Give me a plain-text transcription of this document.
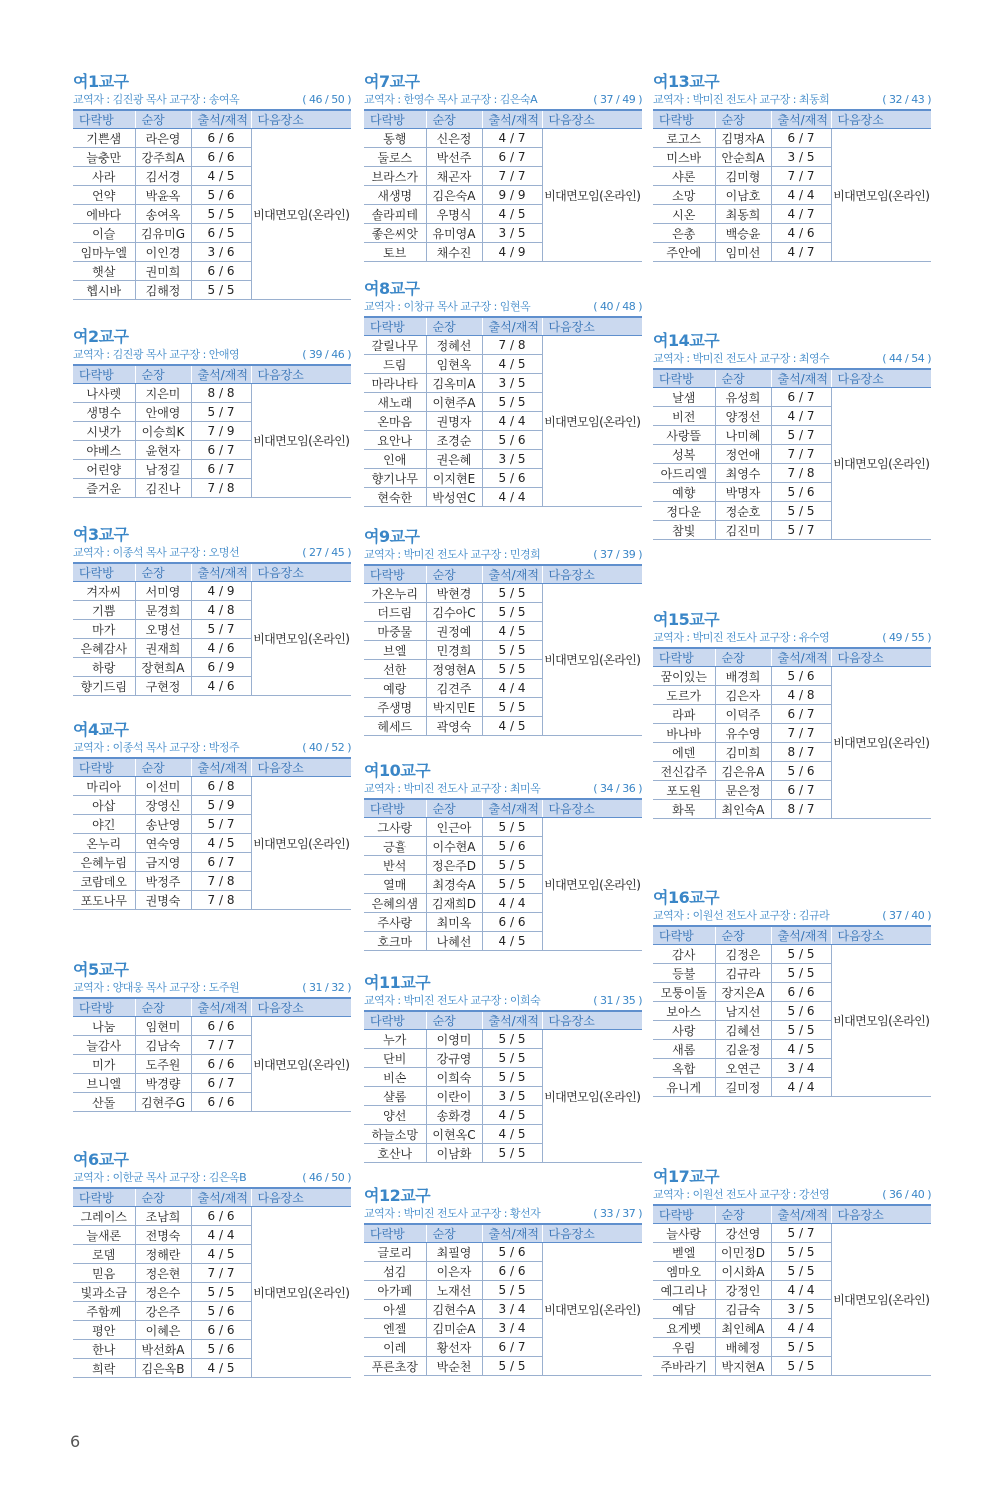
여1교구
교역자 : 김진광 목사 교구장 : 송여옥	( 46 / 50 )
다락방	순장	출석/재적	다음장소
기쁜샘	라은영	6 / 6	비대면모임(온라인)
늘충만	강주희A	6 / 6	
사라	김서경	4 / 5	
언약	박윤옥	5 / 6	
에바다	송여옥	5 / 5	
이슬	김유미G	6 / 5	
임마누엘	이인경	3 / 6	
햇살	권미희	6 / 6	
헵시바	김해정	5 / 5	
여2교구
교역자 : 김진광 목사 교구장 : 안애영	( 39 / 46 )
다락방	순장	출석/재적	다음장소
나사렛	지은미	8 / 8	비대면모임(온라인)
생명수	안애영	5 / 7	
시냇가	이승희K	7 / 9	
야베스	윤현자	6 / 7	
어린양	남정길	6 / 7	
즐거운	김진나	7 / 8	
여3교구
교역자 : 이종석 목사 교구장 : 오명선	( 27 / 45 )
다락방	순장	출석/재적	다음장소
겨자씨	서미영	4 / 9	비대면모임(온라인)
기쁨	문경희	4 / 8	
마가	오명선	5 / 7	
은혜감사	권재희	4 / 6	
하랑	장현희A	6 / 9	
향기드림	구현정	4 / 6	
여4교구
교역자 : 이종석 목사 교구장 : 박정주	( 40 / 52 )
다락방	순장	출석/재적	다음장소
마리아	이선미	6 / 8	비대면모임(온라인)
아삽	장영신	5 / 9	
야긴	송난영	5 / 7	
온누리	연숙영	4 / 5	
은혜누림	금지영	6 / 7	
코람데오	박정주	7 / 8	
포도나무	권명숙	7 / 8	
여5교구
교역자 : 양대웅 목사 교구장 : 도주원	( 31 / 32 )
다락방	순장	출석/재적	다음장소
나눔	임현미	6 / 6	비대면모임(온라인)
늘감사	김남숙	7 / 7	
미가	도주원	6 / 6	
브니엘	박경량	6 / 7	
산돌	김현주G	6 / 6	
여6교구
교역자 : 이한균 목사 교구장 : 김은옥B	( 46 / 50 )
다락방	순장	출석/재적	다음장소
그레이스	조남희	6 / 6	비대면모임(온라인)
늘새론	전명숙	4 / 4	
로뎀	정해란	4 / 5	
믿음	정은현	7 / 7	
빛과소금	정은수	5 / 5	
주함께	강은주	5 / 6	
평안	이혜은	6 / 6	
한나	박선화A	5 / 6	
희락	김은옥B	4 / 5	
여7교구
교역자 : 한영수 목사 교구장 : 김은숙A	( 37 / 49 )
다락방	순장	출석/재적	다음장소
동행	신은정	4 / 7	비대면모임(온라인)
둘로스	박선주	6 / 7	
브라스가	채곤자	7 / 7	
새생명	김은숙A	9 / 9	
솔라피테	우명식	4 / 5	
좋은씨앗	유미영A	3 / 5	
토브	채수진	4 / 9	
여8교구
교역자 : 이창규 목사 교구장 : 임현옥	( 40 / 48 )
다락방	순장	출석/재적	다음장소
갈릴나무	정혜선	7 / 8	비대면모임(온라인)
드림	임현옥	4 / 5	
마라나타	김옥미A	3 / 5	
새노래	이현주A	5 / 5	
온마음	권명자	4 / 4	
요안나	조경순	5 / 6	
인애	권은혜	3 / 5	
향기나무	이지현E	5 / 6	
현숙한	박성연C	4 / 4	
여9교구
교역자 : 박미진 전도사 교구장 : 민경희	( 37 / 39 )
다락방	순장	출석/재적	다음장소
가온누리	박현경	5 / 5	비대면모임(온라인)
더드림	김수아C	5 / 5	
마중물	권정예	4 / 5	
브엘	민경희	5 / 5	
선한	정영현A	5 / 5	
예랑	김견주	4 / 4	
주생명	박지민E	5 / 5	
헤세드	곽영숙	4 / 5	
여10교구
교역자 : 박미진 전도사 교구장 : 최미옥	( 34 / 36 )
다락방	순장	출석/재적	다음장소
그사랑	인근아	5 / 5	비대면모임(온라인)
긍휼	이수현A	5 / 6	
반석	정은주D	5 / 5	
열매	최경숙A	5 / 5	
은혜의샘	김재희D	4 / 4	
주사랑	최미옥	6 / 6	
호크마	나혜선	4 / 5	
여11교구
교역자 : 박미진 전도사 교구장 : 이희숙	( 31 / 35 )
다락방	순장	출석/재적	다음장소
누가	이영미	5 / 5	비대면모임(온라인)
단비	강규영	5 / 5	
비손	이희숙	5 / 5	
샬롬	이란이	3 / 5	
양선	송화경	4 / 5	
하늘소망	이현옥C	4 / 5	
호산나	이남화	5 / 5	
여12교구
교역자 : 박미진 전도사 교구장 : 황선자	( 33 / 37 )
다락방	순장	출석/재적	다음장소
글로리	최필영	5 / 6	비대면모임(온라인)
섬김	이은자	6 / 6	
아가페	노재선	5 / 5	
아셀	김현수A	3 / 4	
엔젤	김미순A	3 / 4	
이레	황선자	6 / 7	
푸른초장	박순천	5 / 5	
여13교구
교역자 : 박미진 전도사 교구장 : 최동희	( 32 / 43 )
다락방	순장	출석/재적	다음장소
로고스	김명자A	6 / 7	비대면모임(온라인)
미스바	안순희A	3 / 5	
샤론	김미형	7 / 7	
소망	이남호	4 / 4	
시온	최동희	4 / 7	
은총	백승윤	4 / 6	
주안에	임미선	4 / 7	
여14교구
교역자 : 박미진 전도사 교구장 : 최영수	( 44 / 54 )
다락방	순장	출석/재적	다음장소
날샘	유성희	6 / 7	비대면모임(온라인)
비전	양정선	4 / 7	
사랑뜰	나미혜	5 / 7	
성복	정언애	7 / 7	
아드리엘	최영수	7 / 8	
예향	박명자	5 / 6	
정다운	정순호	5 / 5	
참빛	김진미	5 / 7	
여15교구
교역자 : 박미진 전도사 교구장 : 유수영	( 49 / 55 )
다락방	순장	출석/재적	다음장소
꿈이있는	배경희	5 / 6	비대면모임(온라인)
도르가	김은자	4 / 8	
라파	이덕주	6 / 7	
바나바	유수영	7 / 7	
에덴	김미희	8 / 7	
전신갑주	김은유A	5 / 6	
포도원	문은정	6 / 7	
화목	최인숙A	8 / 7	
여16교구
교역자 : 이원선 전도사 교구장 : 김규라	( 37 / 40 )
다락방	순장	출석/재적	다음장소
감사	김정은	5 / 5	비대면모임(온라인)
등불	김규라	5 / 5	
모퉁이돌	장지은A	6 / 6	
보아스	남지선	5 / 6	
사랑	김혜선	5 / 5	
새롬	김윤정	4 / 5	
옥합	오연근	3 / 4	
유니게	길미정	4 / 4	
여17교구
교역자 : 이원선 전도사 교구장 : 강선영	( 36 / 40 )
다락방	순장	출석/재적	다음장소
늘사랑	강선영	5 / 7	비대면모임(온라인)
벧엘	이민정D	5 / 5	
엠마오	이시화A	5 / 5	
예그리나	강정인	4 / 4	
예담	김금숙	3 / 5	
요게벳	최인혜A	4 / 4	
우림	배혜정	5 / 5	
주바라기	박지현A	5 / 5	
6
